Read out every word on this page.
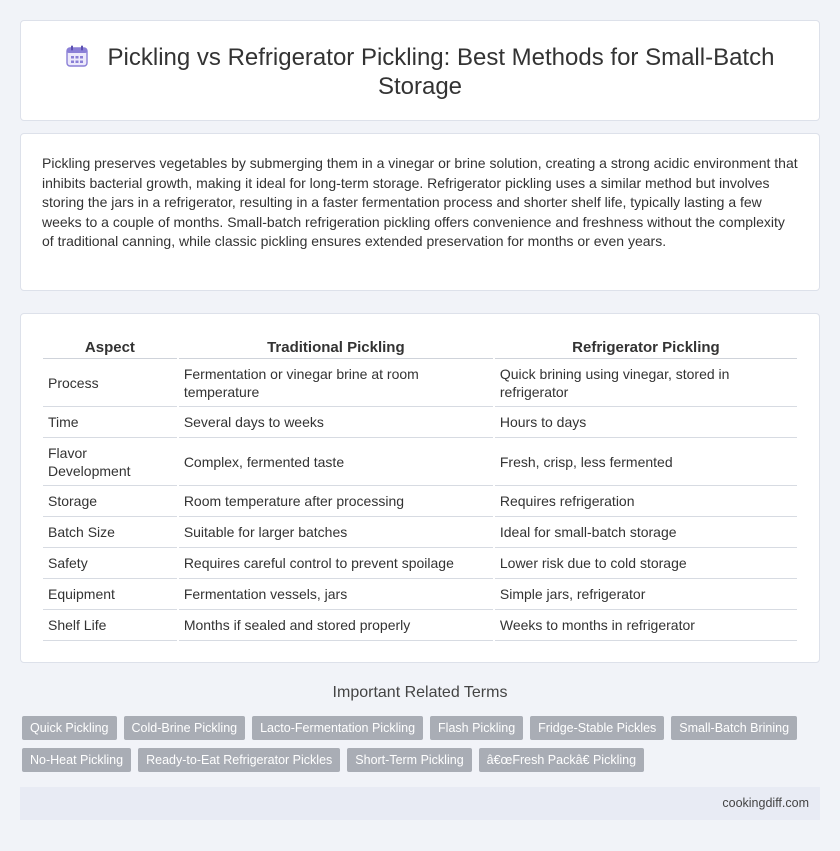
Pickling vs Refrigerator Pickling: Best Methods for Small-Batch Storage

Pickling preserves vegetables by submerging them in a vinegar or brine solution, creating a strong acidic environment that inhibits bacterial growth, making it ideal for long-term storage. Refrigerator pickling uses a similar method but involves storing the jars in a refrigerator, resulting in a faster fermentation process and shorter shelf life, typically lasting a few weeks to a couple of months. Small-batch refrigeration pickling offers convenience and freshness without the complexity of traditional canning, while classic pickling ensures extended preservation for months or even years.

Aspect	Traditional Pickling	Refrigerator Pickling
Process	Fermentation or vinegar brine at room temperature	Quick brining using vinegar, stored in refrigerator
Time	Several days to weeks	Hours to days
Flavor Development	Complex, fermented taste	Fresh, crisp, less fermented
Storage	Room temperature after processing	Requires refrigeration
Batch Size	Suitable for larger batches	Ideal for small-batch storage
Safety	Requires careful control to prevent spoilage	Lower risk due to cold storage
Equipment	Fermentation vessels, jars	Simple jars, refrigerator
Shelf Life	Months if sealed and stored properly	Weeks to months in refrigerator
Important Related Terms
Quick Pickling	Cold-Brine Pickling	Lacto-Fermentation Pickling	Flash Pickling	Fridge-Stable Pickles	Small-Batch Brining
No-Heat Pickling	Ready-to-Eat Refrigerator Pickles	Short-Term Pickling	â€œFresh Packâ€ Pickling
cookingdiff.com
